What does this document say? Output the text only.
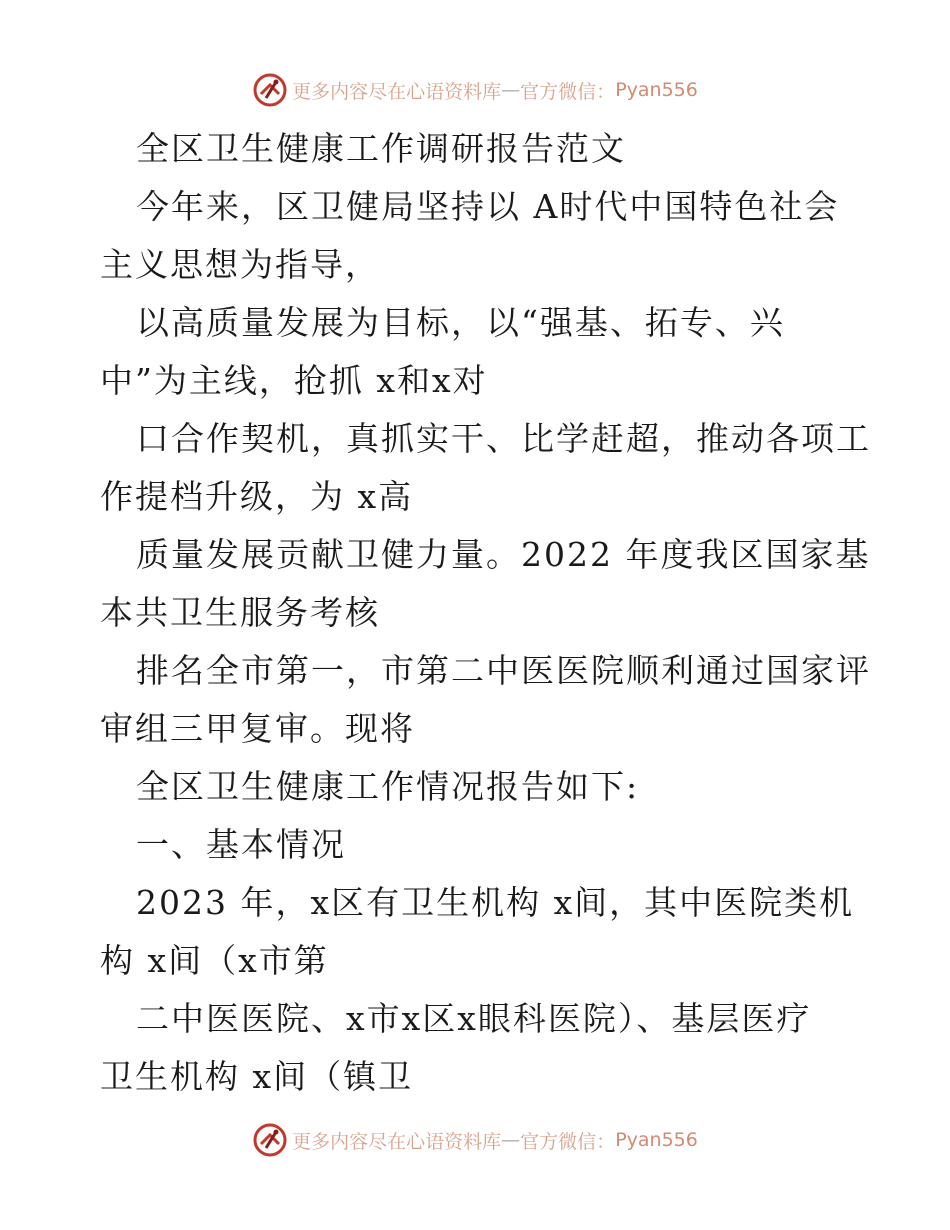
更多内容尽在心语资料库 — 官方微信： Pyan556
全区卫生健康工作调研报告范文
今年来，区卫健局坚持以 A时代中国特色社会
主义思想为指导，
以高质量发展为目标，以“强基、拓专、兴
中”为主线，抢抓 x和x对
口合作契机，真抓实干、比学赶超，推动各项工
作提档升级，为 x高
质量发展贡献卫健力量。2022 年度我区国家基
本共卫生服务考核
排名全市第一，市第二中医医院顺利通过国家评
审组三甲复审。现将
全区卫生健康工作情况报告如下:
一、基本情况
2023 年，x区有卫生机构 x间，其中医院类机
构 x间（x市第
二中医医院、x市x区x眼科医院）、基层医疗
卫生机构 x间（镇卫
更多内容尽在心语资料库 — 官方微信： Pyan556
